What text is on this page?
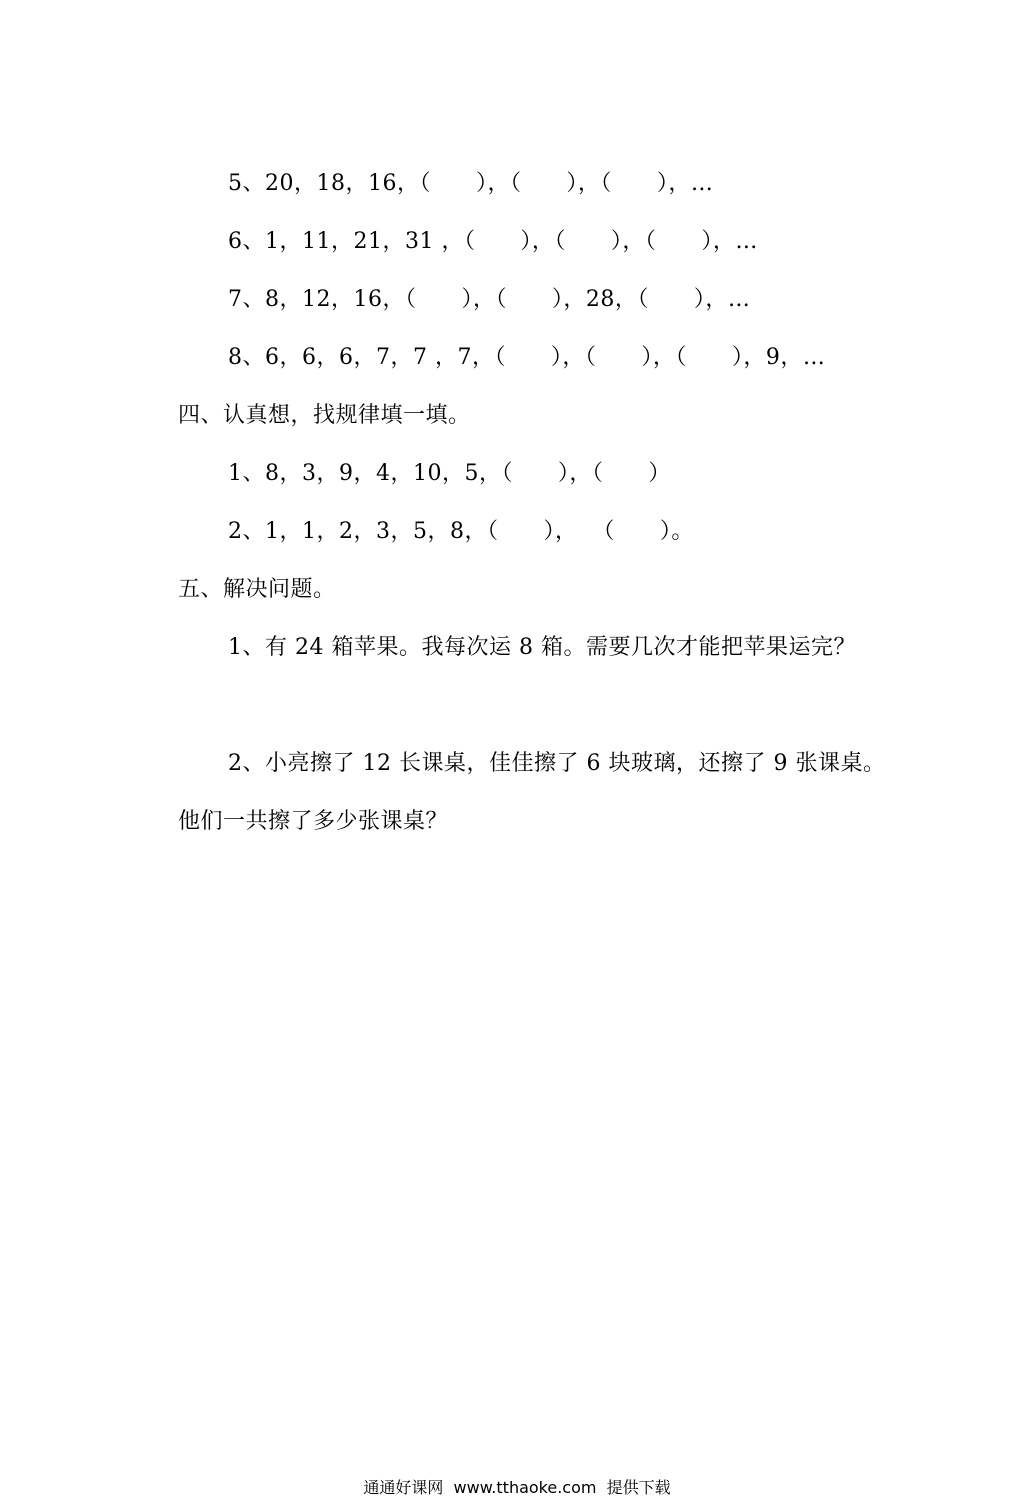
5、20，18，16，（      ），（      ），（      ），…
6、1，11，21，31 ，（      ），（      ），（      ），…
7、8，12，16，（      ），（      ），28，（      ），…
8、6，6，6，7，7 ，7，（      ），（      ），（      ），9，…
四、认真想，找规律填一填。
1、8，3，9，4，10，5，（      ），（      ）
2、1，1，2，3，5，8，（      ），  （      ）。
五、解决问题。
1、有 24 箱苹果。我每次运 8 箱。需要几次才能把苹果运完？
2、小亮擦了 12 长课桌，佳佳擦了 6 块玻璃，还擦了 9 张课桌。
他们一共擦了多少张课桌？
通通好课网  www.tthaoke.com  提供下载
